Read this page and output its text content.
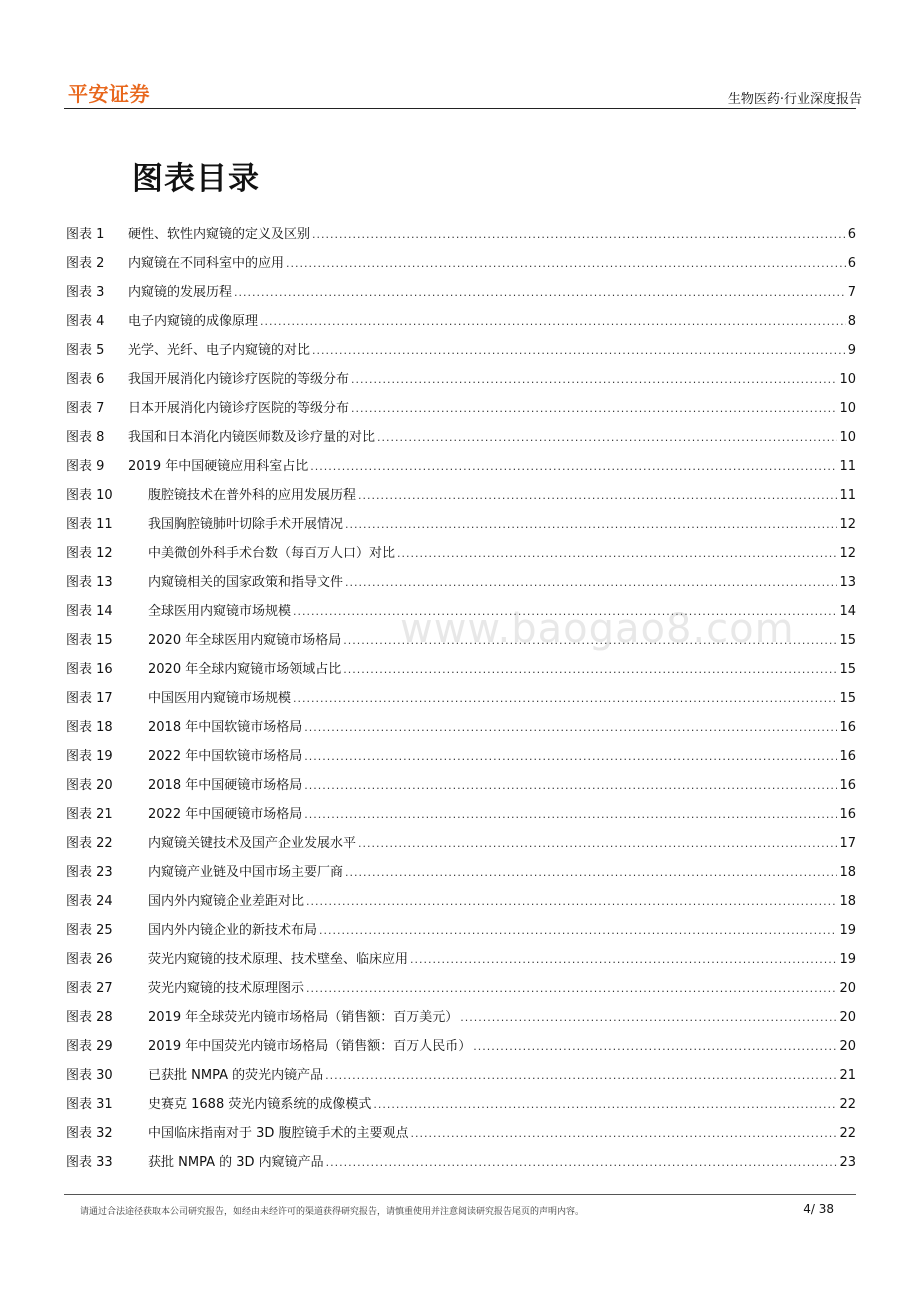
平安证券	生物医药·行业深度报告
图表目录
图表 1	硬性、软性内窥镜的定义及区别 .....	6
图表 2	内窥镜在不同科室中的应用 .....	6
图表 3	内窥镜的发展历程 .....	7
图表 4	电子内窥镜的成像原理 .....	8
图表 5	光学、光纤、电子内窥镜的对比 .....	9
图表 6	我国开展消化内镜诊疗医院的等级分布 .....	10
图表 7	日本开展消化内镜诊疗医院的等级分布 .....	10
图表 8	我国和日本消化内镜医师数及诊疗量的对比 .....	10
图表 9	2019 年中国硬镜应用科室占比 .....	11
图表 10	腹腔镜技术在普外科的应用发展历程 .....	11
图表 11	我国胸腔镜肺叶切除手术开展情况 .....	12
图表 12	中美微创外科手术台数（每百万人口）对比 .....	12
图表 13	内窥镜相关的国家政策和指导文件 .....	13
图表 14	全球医用内窥镜市场规模 .....	14
图表 15	2020 年全球医用内窥镜市场格局 .....	15
图表 16	2020 年全球内窥镜市场领域占比 .....	15
图表 17	中国医用内窥镜市场规模 .....	15
图表 18	2018 年中国软镜市场格局 .....	16
图表 19	2022 年中国软镜市场格局 .....	16
图表 20	2018 年中国硬镜市场格局 .....	16
图表 21	2022 年中国硬镜市场格局 .....	16
图表 22	内窥镜关键技术及国产企业发展水平 .....	17
图表 23	内窥镜产业链及中国市场主要厂商 .....	18
图表 24	国内外内窥镜企业差距对比 .....	18
图表 25	国内外内镜企业的新技术布局 .....	19
图表 26	荧光内窥镜的技术原理、技术壁垒、临床应用 .....	19
图表 27	荧光内窥镜的技术原理图示 .....	20
图表 28	2019 年全球荧光内镜市场格局（销售额：百万美元） .....	20
图表 29	2019 年中国荧光内镜市场格局（销售额：百万人民币） .....	20
图表 30	已获批 NMPA 的荧光内镜产品 .....	21
图表 31	史赛克 1688 荧光内镜系统的成像模式 .....	22
图表 32	中国临床指南对于 3D 腹腔镜手术的主要观点 .....	22
图表 33	获批 NMPA 的 3D 内窥镜产品 .....	23
www.baogao8.com
请通过合法途径获取本公司研究报告，如经由未经许可的渠道获得研究报告，请慎重使用并注意阅读研究报告尾页的声明内容。	4/ 38
